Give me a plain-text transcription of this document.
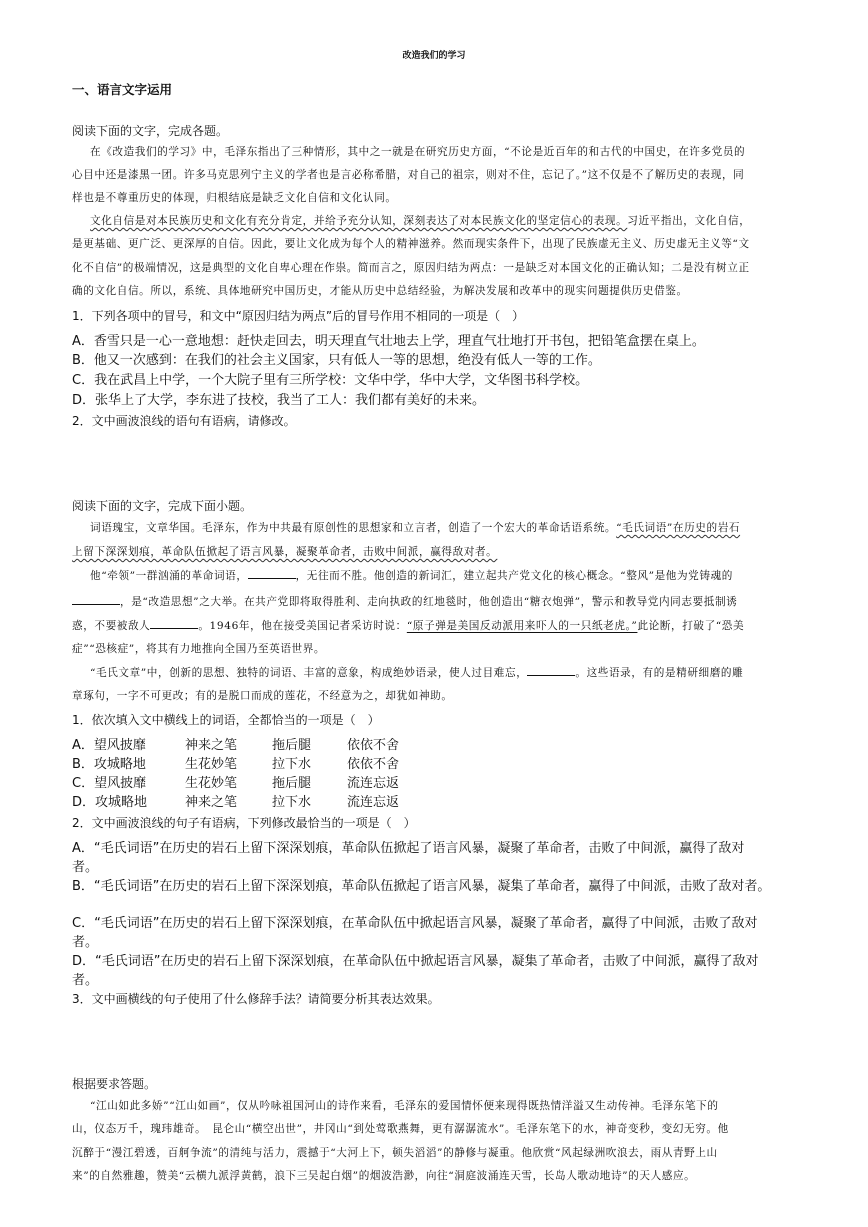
改造我们的学习
一、语言文字运用
阅读下面的文字，完成各题。
在《改造我们的学习》中，毛泽东指出了三种情形，其中之一就是在研究历史方面，“不论是近百年的和古代的中国史，在许多党员的
心目中还是漆黑一团。许多马克思列宁主义的学者也是言必称希腊，对自己的祖宗，则对不住，忘记了。”这不仅是不了解历史的表现，同
样也是不尊重历史的体现，归根结底是缺乏文化自信和文化认同。
文化自信是对本民族历史和文化有充分肯定，并给予充分认知，深刻表达了对本民族文化的坚定信心的表现。习近平指出，文化自信，
是更基础、更广泛、更深厚的自信。因此，要让文化成为每个人的精神滋养。然而现实条件下，出现了民族虚无主义、历史虚无主义等“文
化不自信”的极端情况，这是典型的文化自卑心理在作祟。简而言之，原因归结为两点：一是缺乏对本国文化的正确认知；二是没有树立正
确的文化自信。所以，系统、具体地研究中国历史，才能从历史中总结经验，为解决发展和改革中的现实问题提供历史借鉴。
1．下列各项中的冒号，和文中“原因归结为两点”后的冒号作用不相同的一项是（　）
A．香雪只是一心一意地想：赶快走回去，明天理直气壮地去上学，理直气壮地打开书包，把铅笔盒摆在桌上。
B．他又一次感到：在我们的社会主义国家，只有低人一等的思想，绝没有低人一等的工作。
C．我在武昌上中学，一个大院子里有三所学校：文华中学，华中大学，文华图书科学校。
D．张华上了大学，李东进了技校，我当了工人：我们都有美好的未来。
2．文中画波浪线的语句有语病，请修改。
阅读下面的文字，完成下面小题。
词语瑰宝，文章华国。毛泽东，作为中共最有原创性的思想家和立言者，创造了一个宏大的革命话语系统。“毛氏词语”在历史的岩石
上留下深深划痕，革命队伍掀起了语言风暴，凝聚革命者，击败中间派，赢得敌对者。
他“牵领”一群汹涌的革命词语，	，无往而不胜。他创造的新词汇，建立起共产党文化的核心概念。“整风”是他为党铸魂的
，是“改造思想”之大举。在共产党即将取得胜利、走向执政的红地毯时，他创造出“糖衣炮弹”，警示和教导党内同志要抵制诱
惑，不要被敌人	。1946年，他在接受美国记者采访时说：“原子弹是美国反动派用来吓人的一只纸老虎。”此论断，打破了“恐美
症”“恐核症”，将其有力地推向全国乃至英语世界。
“毛氏文章”中，创新的思想、独特的词语、丰富的意象，构成绝妙语录，使人过目难忘，	。这些语录，有的是精研细磨的雕
章琢句，一字不可更改；有的是脱口而成的莲花，不经意为之，却犹如神助。
1．依次填入文中横线上的词语，全都恰当的一项是（　）
A．望风披靡	神来之笔	拖后腿	依依不舍
B．攻城略地	生花妙笔	拉下水	依依不舍
C．望风披靡	生花妙笔	拖后腿	流连忘返
D．攻城略地	神来之笔	拉下水	流连忘返
2．文中画波浪线的句子有语病，下列修改最恰当的一项是（　）
A．“毛氏词语”在历史的岩石上留下深深划痕，革命队伍掀起了语言风暴，凝聚了革命者，击败了中间派，赢得了敌对
者。
B．“毛氏词语”在历史的岩石上留下深深划痕，革命队伍掀起了语言风暴，凝集了革命者，赢得了中间派，击败了敌对者。
C．“毛氏词语”在历史的岩石上留下深深划痕，在革命队伍中掀起语言风暴，凝聚了革命者，赢得了中间派，击败了敌对
者。
D．“毛氏词语”在历史的岩石上留下深深划痕，在革命队伍中掀起语言风暴，凝集了革命者，击败了中间派，赢得了敌对
者。
3．文中画横线的句子使用了什么修辞手法？请简要分析其表达效果。
根据要求答题。
“江山如此多娇”“江山如画”，仅从吟咏祖国河山的诗作来看，毛泽东的爱国情怀便来现得既热情洋溢又生动传神。毛泽东笔下的
山，仪态万千，瑰玮雄奇。　昆仑山“横空出世”，井冈山“到处莺歌燕舞，更有潺潺流水”。毛泽东笔下的水，神奇变秒，变幻无穷。他
沉醉于“漫江碧透，百舸争流”的清纯与活力，震撼于“大河上下，顿失滔滔”的静修与凝重。他欣赏“风起绿洲吹浪去，雨从青野上山
来”的自然雅趣，赞美“云横九派浮黄鹤，浪下三吴起白烟”的烟波浩渺，向往“洞庭波涌连天雪，长岛人歌动地诗”的天人感应。
